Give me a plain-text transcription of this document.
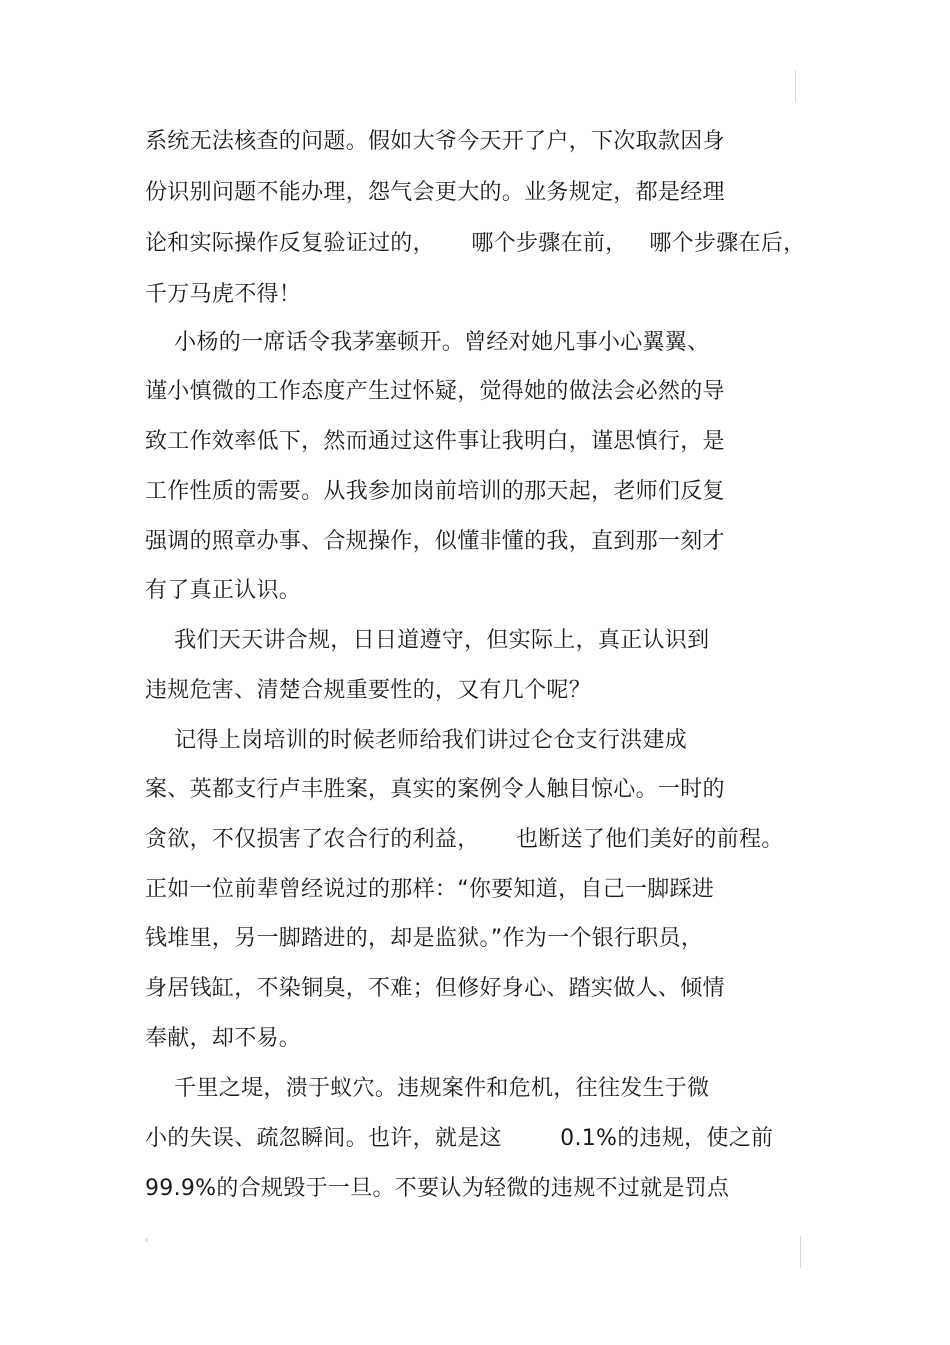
系统无法核查的问题。假如大爷今天开了户，下次取款因身
份识别问题不能办理，怨气会更大的。业务规定，都是经理
论和实际操作反复验证过的，     哪个步骤在前，   哪个步骤在后，
千万马虎不得！
小杨的一席话令我茅塞顿开。曾经对她凡事小心翼翼、
谨小慎微的工作态度产生过怀疑，觉得她的做法会必然的导
致工作效率低下，然而通过这件事让我明白，谨思慎行，是
工作性质的需要。从我参加岗前培训的那天起，老师们反复
强调的照章办事、合规操作，似懂非懂的我，直到那一刻才
有了真正认识。
我们天天讲合规，日日道遵守，但实际上，真正认识到
违规危害、清楚合规重要性的，又有几个呢？
记得上岗培训的时候老师给我们讲过仑仓支行洪建成
案、英都支行卢丰胜案，真实的案例令人触目惊心。一时的
贪欲，不仅损害了农合行的利益，     也断送了他们美好的前程。
正如一位前辈曾经说过的那样：“你要知道，自己一脚踩进
钱堆里，另一脚踏进的，却是监狱。”作为一个银行职员，
身居钱缸，不染铜臭，不难；但修好身心、踏实做人、倾情
奉献，却不易。
千里之堤，溃于蚁穴。违规案件和危机，往往发生于微
小的失误、疏忽瞬间。也许，就是这        0.1%的违规，使之前
99.9%的合规毁于一旦。不要认为轻微的违规不过就是罚点
